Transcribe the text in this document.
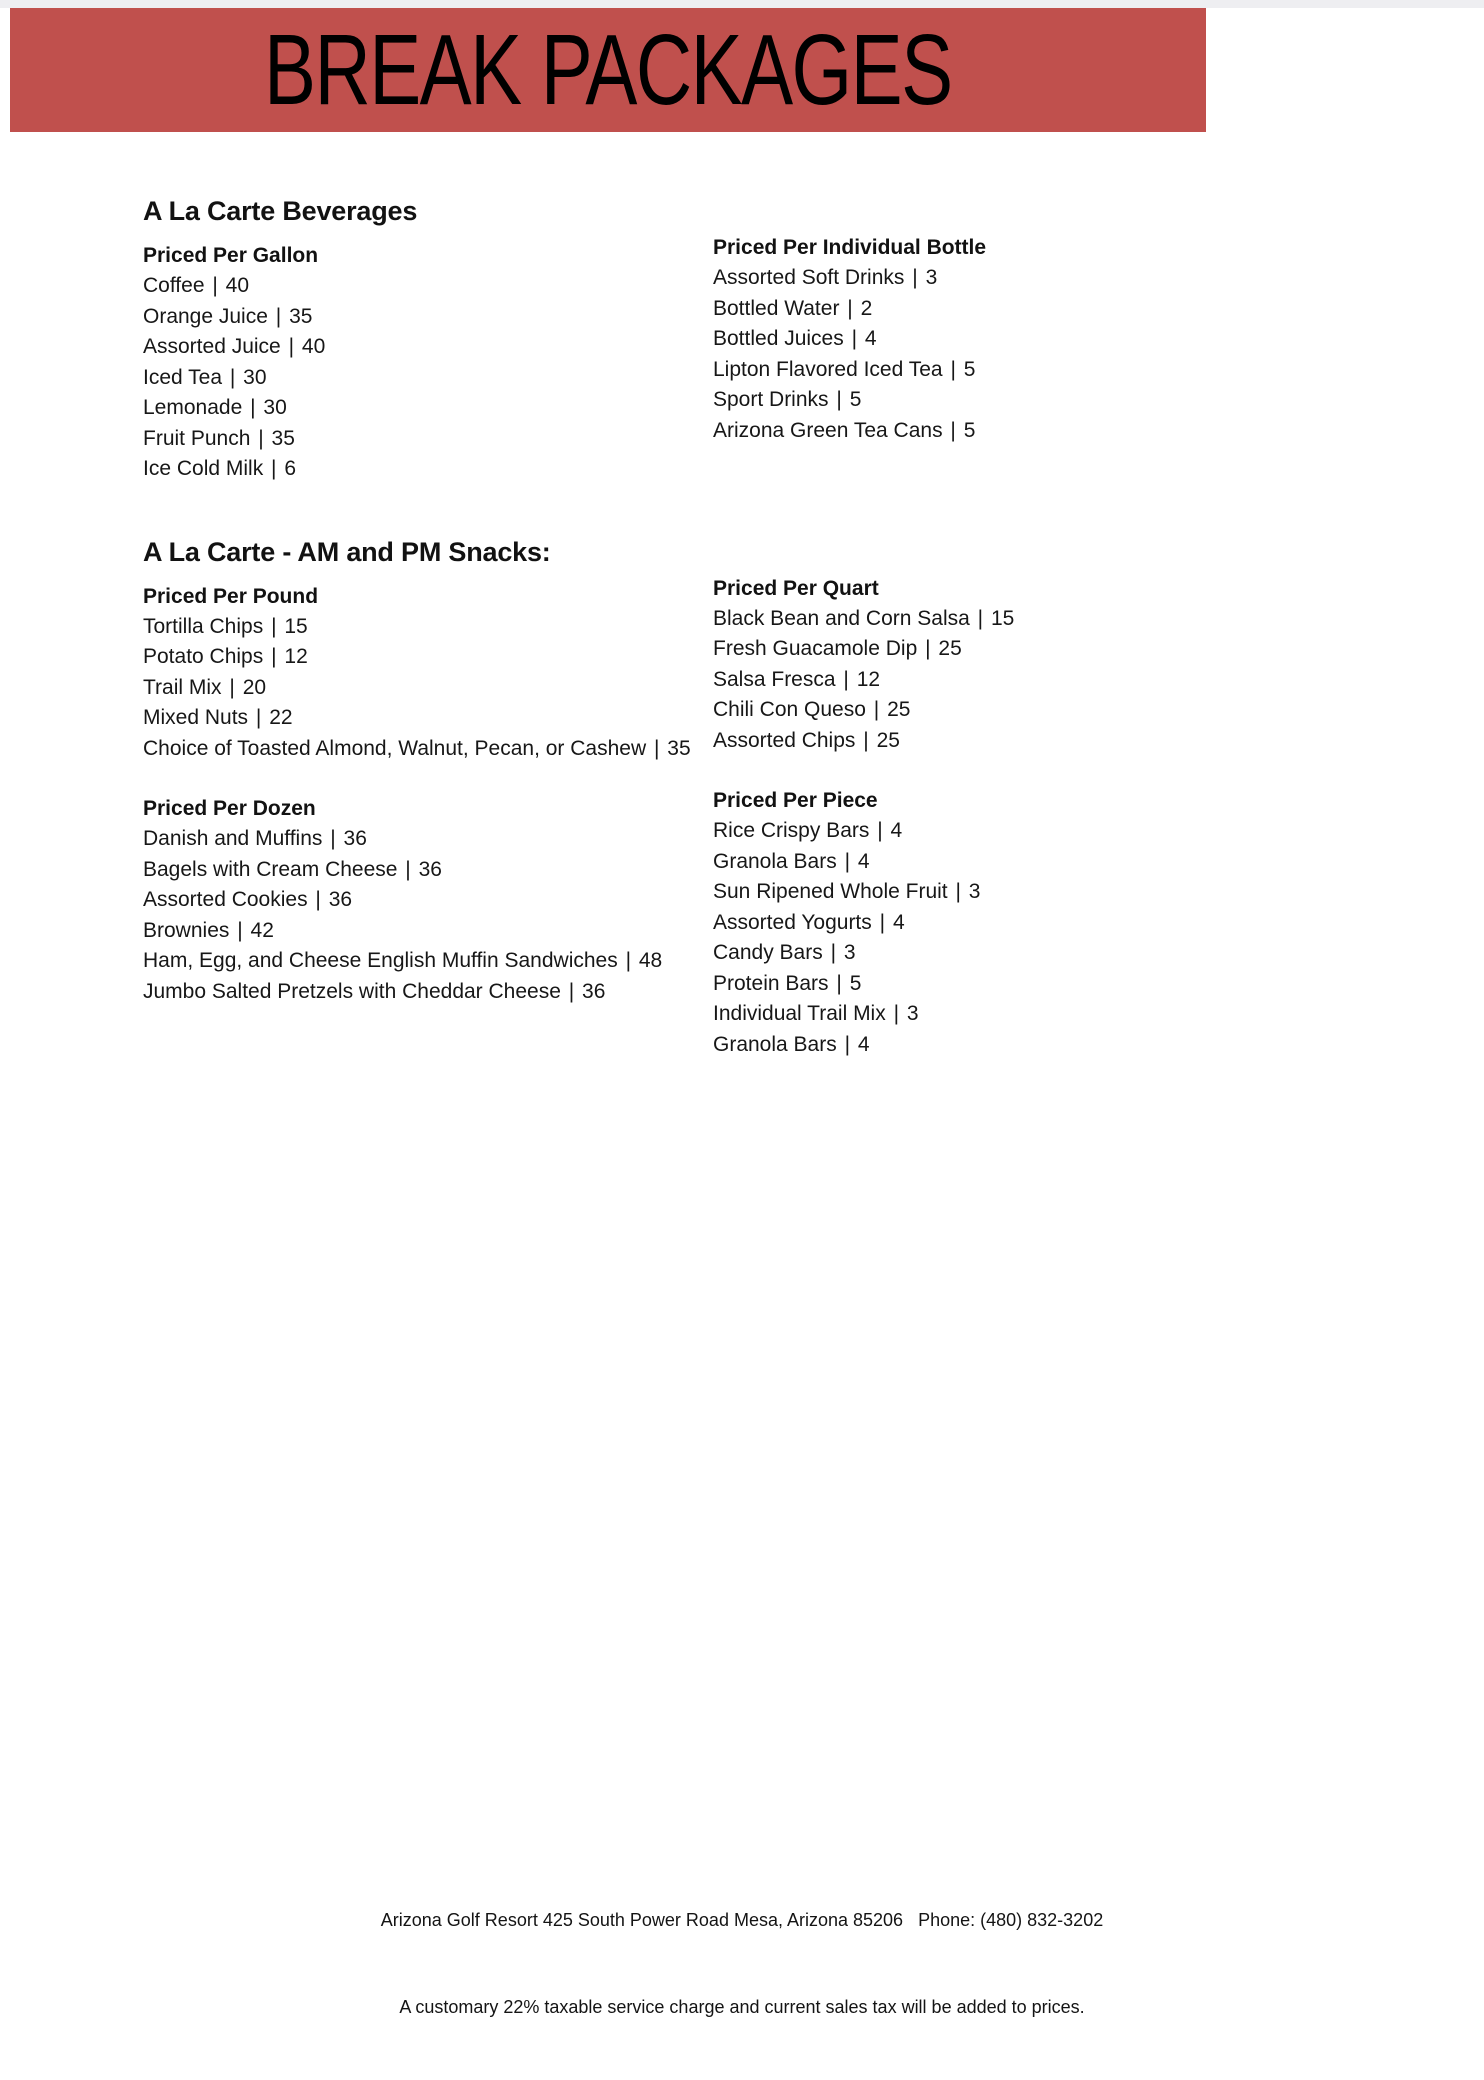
BREAK PACKAGES
A La Carte Beverages
Priced Per Gallon
Coffee | 40
Orange Juice | 35
Assorted Juice | 40
Iced Tea | 30
Lemonade | 30
Fruit Punch | 35
Ice Cold Milk | 6
Priced Per Individual Bottle
Assorted Soft Drinks | 3
Bottled Water | 2
Bottled Juices | 4
Lipton Flavored Iced Tea | 5
Sport Drinks | 5
Arizona Green Tea Cans | 5
A La Carte - AM and PM Snacks:
Priced Per Pound
Tortilla Chips | 15
Potato Chips | 12
Trail Mix | 20
Mixed Nuts | 22
Choice of Toasted Almond, Walnut, Pecan, or Cashew | 35
Priced Per Dozen
Danish and Muffins | 36
Bagels with Cream Cheese | 36
Assorted Cookies | 36
Brownies | 42
Ham, Egg, and Cheese English Muffin Sandwiches | 48
Jumbo Salted Pretzels with Cheddar Cheese | 36
Priced Per Quart
Black Bean and Corn Salsa | 15
Fresh Guacamole Dip | 25
Salsa Fresca | 12
Chili Con Queso | 25
Assorted Chips | 25
Priced Per Piece
Rice Crispy Bars | 4
Granola Bars | 4
Sun Ripened Whole Fruit | 3
Assorted Yogurts | 4
Candy Bars | 3
Protein Bars | 5
Individual Trail Mix | 3
Granola Bars | 4

Arizona Golf Resort 425 South Power Road Mesa, Arizona 85206   Phone: (480) 832-3202

A customary 22% taxable service charge and current sales tax will be added to prices.
